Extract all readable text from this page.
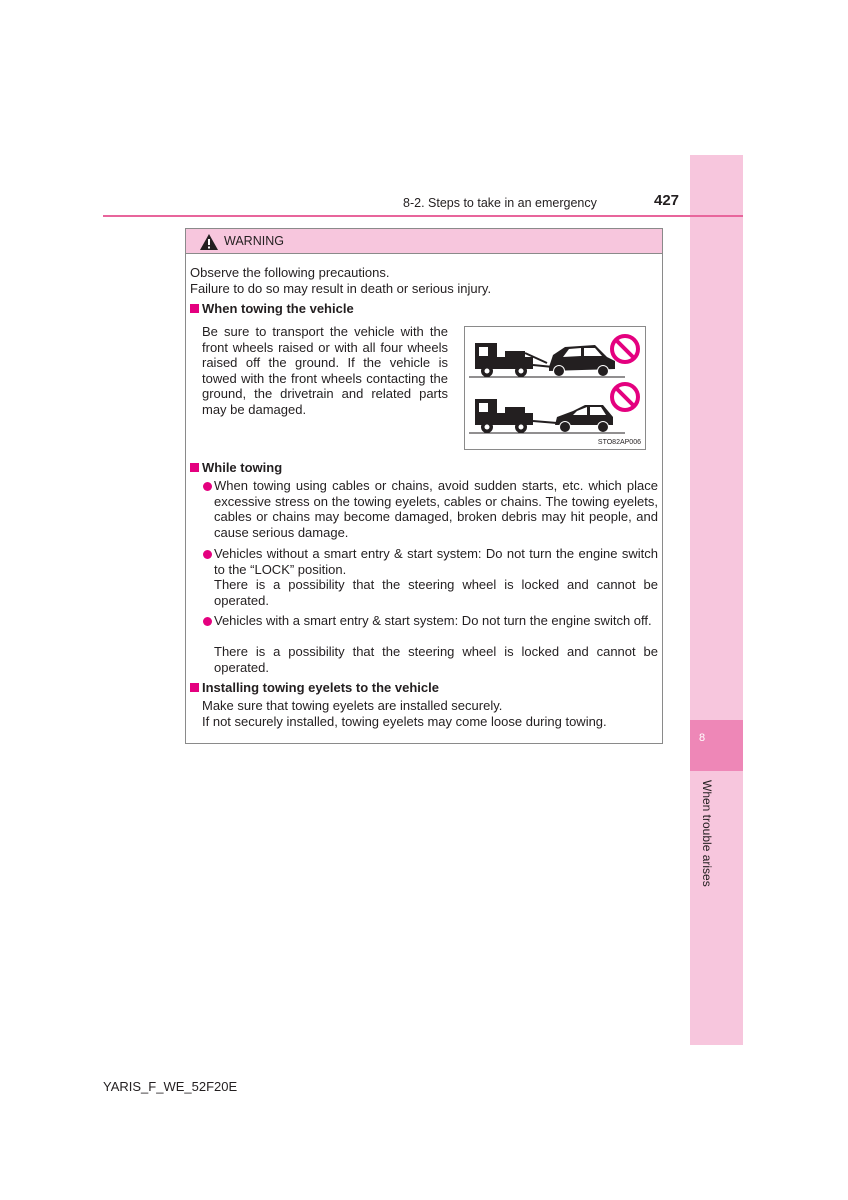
8
When trouble arises
8-2. Steps to take in an emergency	427
WARNING
Observe the following precautions.
Failure to do so may result in death or serious injury.
When towing the vehicle
Be sure to transport the vehicle with the front wheels raised or with all four wheels raised off the ground. If the vehicle is towed with the front wheels contacting the ground, the drivetrain and related parts may be damaged.
While towing
When towing using cables or chains, avoid sudden starts, etc. which place excessive stress on the towing eyelets, cables or chains. The towing eyelets, cables or chains may become damaged, broken debris may hit people, and cause serious damage.
Vehicles without a smart entry & start system: Do not turn the engine switch to the “LOCK” position.
There is a possibility that the steering wheel is locked and cannot be operated.
Vehicles with a smart entry & start system: Do not turn the engine switch off.
There is a possibility that the steering wheel is locked and cannot be operated.
Installing towing eyelets to the vehicle
Make sure that towing eyelets are installed securely.
If not securely installed, towing eyelets may come loose during towing.
STO82AP006
YARIS_F_WE_52F20E
